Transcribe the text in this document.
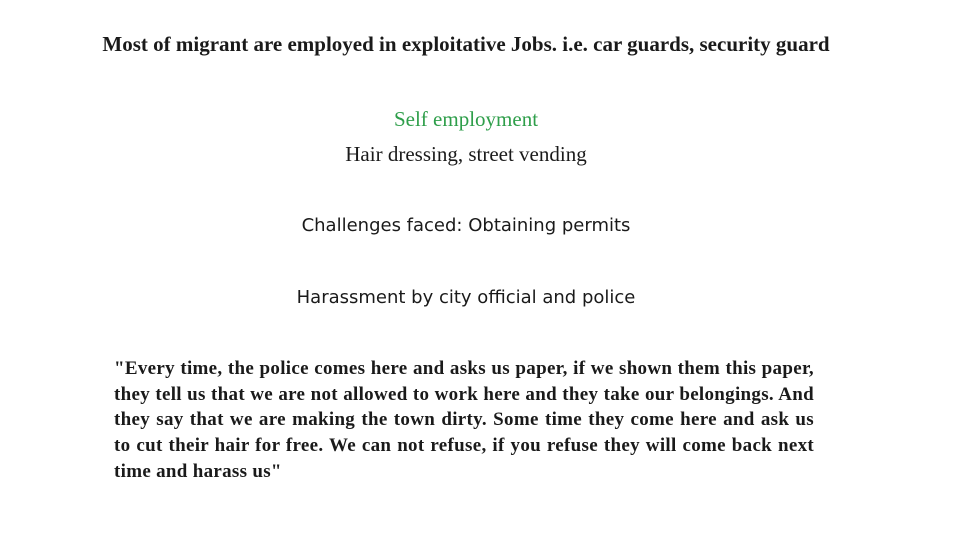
Most of migrant are employed in exploitative Jobs. i.e. car guards, security guard
Self employment
Hair dressing, street vending
Challenges faced: Obtaining permits
Harassment by city official and police
"Every time, the police comes here and asks us paper, if we shown them this paper, they tell us that we are not allowed to work here and they take our belongings. And they say that we are making the town dirty. Some time they come here and ask us to cut their hair for free. We can not refuse, if you refuse they will come back next time and harass us"
